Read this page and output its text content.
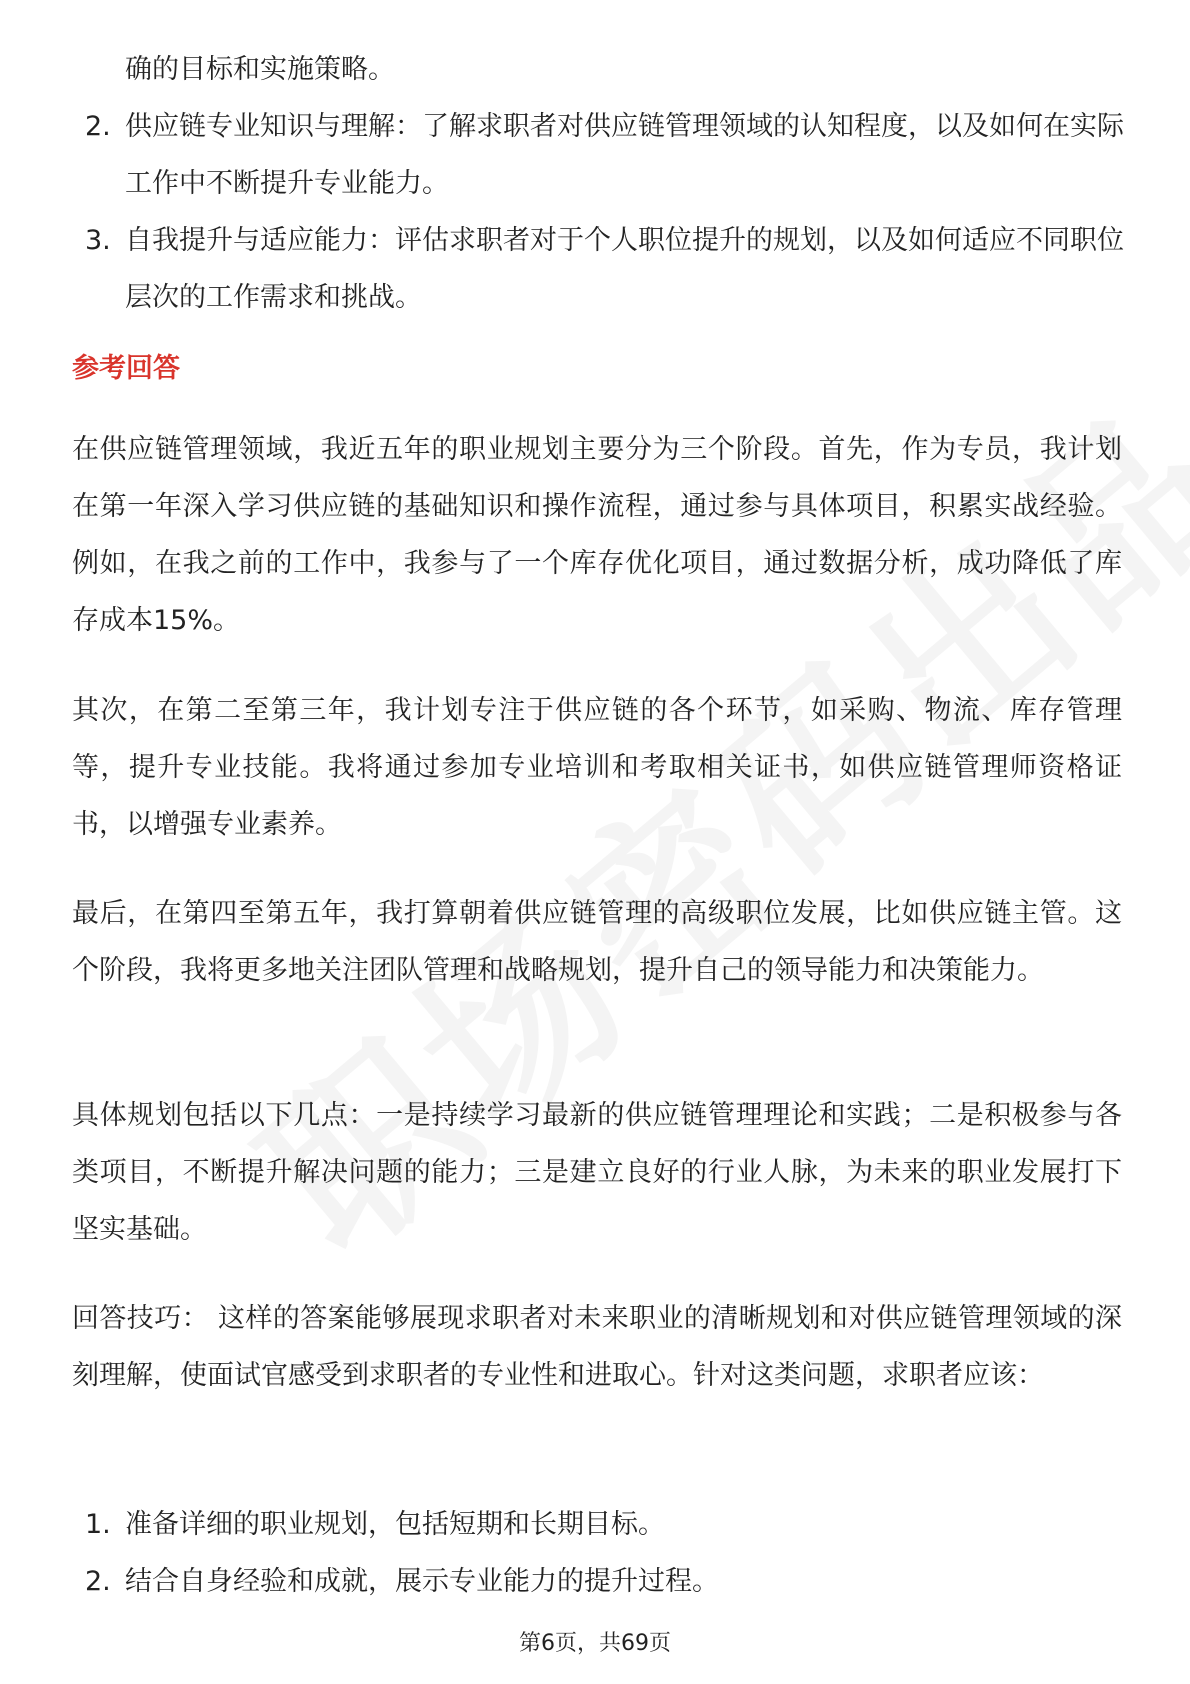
确的目标和实施策略。
2. 供应链专业知识与理解：了解求职者对供应链管理领域的认知程度，以及如何在实际工作中不断提升专业能力。
3. 自我提升与适应能力：评估求职者对于个人职位提升的规划，以及如何适应不同职位层次的工作需求和挑战。
参考回答
在供应链管理领域，我近五年的职业规划主要分为三个阶段。首先，作为专员，我计划在第一年深入学习供应链的基础知识和操作流程，通过参与具体项目，积累实战经验。例如，在我之前的工作中，我参与了一个库存优化项目，通过数据分析，成功降低了库存成本15%。
其次，在第二至第三年，我计划专注于供应链的各个环节，如采购、物流、库存管理等，提升专业技能。我将通过参加专业培训和考取相关证书，如供应链管理师资格证书，以增强专业素养。
最后，在第四至第五年，我打算朝着供应链管理的高级职位发展，比如供应链主管。这个阶段，我将更多地关注团队管理和战略规划，提升自己的领导能力和决策能力。
具体规划包括以下几点：一是持续学习最新的供应链管理理论和实践；二是积极参与各类项目，不断提升解决问题的能力；三是建立良好的行业人脉，为未来的职业发展打下坚实基础。
回答技巧： 这样的答案能够展现求职者对未来职业的清晰规划和对供应链管理领域的深刻理解，使面试官感受到求职者的专业性和进取心。针对这类问题，求职者应该：
1. 准备详细的职业规划，包括短期和长期目标。
2. 结合自身经验和成就，展示专业能力的提升过程。
第6页，共69页
